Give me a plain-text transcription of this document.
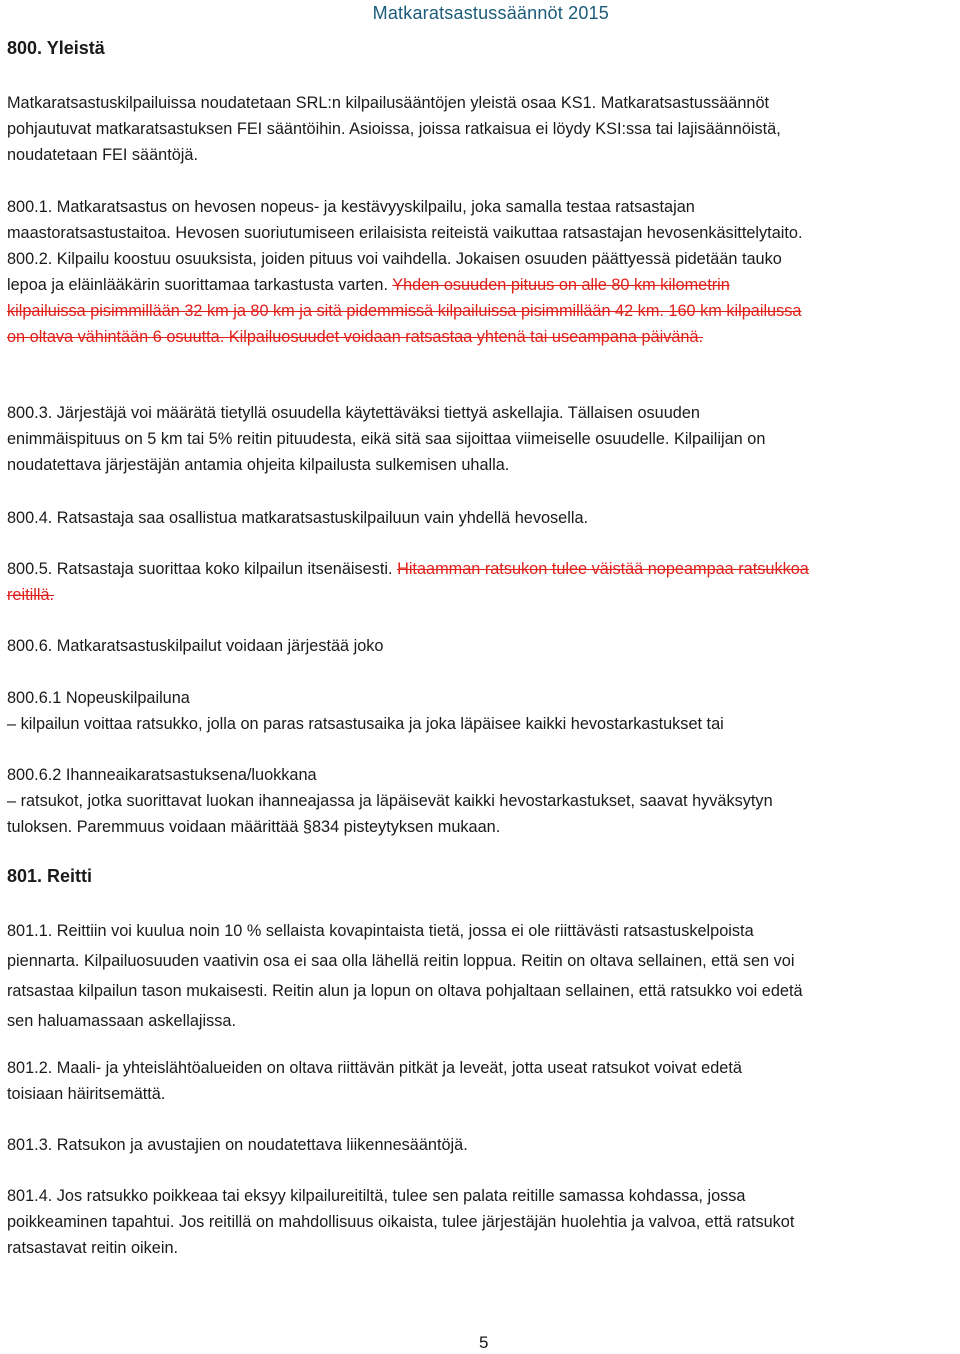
Matkaratsastussäännöt 2015
800. Yleistä
Matkaratsastuskilpailuissa noudatetaan SRL:n kilpailusääntöjen yleistä osaa KS1. Matkaratsastussäännöt
pohjautuvat matkaratsastuksen FEI sääntöihin. Asioissa, joissa ratkaisua ei löydy KSI:ssa tai lajisäännöistä,
noudatetaan FEI sääntöjä.
800.1. Matkaratsastus on hevosen nopeus- ja kestävyyskilpailu, joka samalla testaa ratsastajan
maastoratsastustaitoa. Hevosen suoriutumiseen erilaisista reiteistä vaikuttaa ratsastajan hevosenkäsittelytaito.
800.2. Kilpailu koostuu osuuksista, joiden pituus voi vaihdella. Jokaisen osuuden päättyessä pidetään tauko
lepoa ja eläinlääkärin suorittamaa tarkastusta varten. Yhden osuuden pituus on alle 80 km kilometrin
kilpailuissa pisimmillään 32 km ja 80 km ja sitä pidemmissä kilpailuissa pisimmillään 42 km. 160 km kilpailussa
on oltava vähintään 6 osuutta. Kilpailuosuudet voidaan ratsastaa yhtenä tai useampana päivänä.
800.3. Järjestäjä voi määrätä tietyllä osuudella käytettäväksi tiettyä askellajia. Tällaisen osuuden
enimmäispituus on 5 km tai 5% reitin pituudesta, eikä sitä saa sijoittaa viimeiselle osuudelle. Kilpailijan on
noudatettava järjestäjän antamia ohjeita kilpailusta sulkemisen uhalla.
800.4. Ratsastaja saa osallistua matkaratsastuskilpailuun vain yhdellä hevosella.
800.5. Ratsastaja suorittaa koko kilpailun itsenäisesti. Hitaamman ratsukon tulee väistää nopeampaa ratsukkoa
reitillä.
800.6. Matkaratsastuskilpailut voidaan järjestää joko
800.6.1 Nopeuskilpailuna
– kilpailun voittaa ratsukko, jolla on paras ratsastusaika ja joka läpäisee kaikki hevostarkastukset tai
800.6.2 Ihanneaikaratsastuksena/luokkana
– ratsukot, jotka suorittavat luokan ihanneajassa ja läpäisevät kaikki hevostarkastukset, saavat hyväksytyn
tuloksen. Paremmuus voidaan määrittää §834 pisteytyksen mukaan.
801. Reitti
801.1. Reittiin voi kuulua noin 10 % sellaista kovapintaista tietä, jossa ei ole riittävästi ratsastuskelpoista
piennarta. Kilpailuosuuden vaativin osa ei saa olla lähellä reitin loppua. Reitin on oltava sellainen, että sen voi
ratsastaa kilpailun tason mukaisesti. Reitin alun ja lopun on oltava pohjaltaan sellainen, että ratsukko voi edetä
sen haluamassaan askellajissa.
801.2. Maali- ja yhteislähtöalueiden on oltava riittävän pitkät ja leveät, jotta useat ratsukot voivat edetä
toisiaan häiritsemättä.
801.3. Ratsukon ja avustajien on noudatettava liikennesääntöjä.
801.4. Jos ratsukko poikkeaa tai eksyy kilpailureitiltä, tulee sen palata reitille samassa kohdassa, jossa
poikkeaminen tapahtui. Jos reitillä on mahdollisuus oikaista, tulee järjestäjän huolehtia ja valvoa, että ratsukot
ratsastavat reitin oikein.
5
